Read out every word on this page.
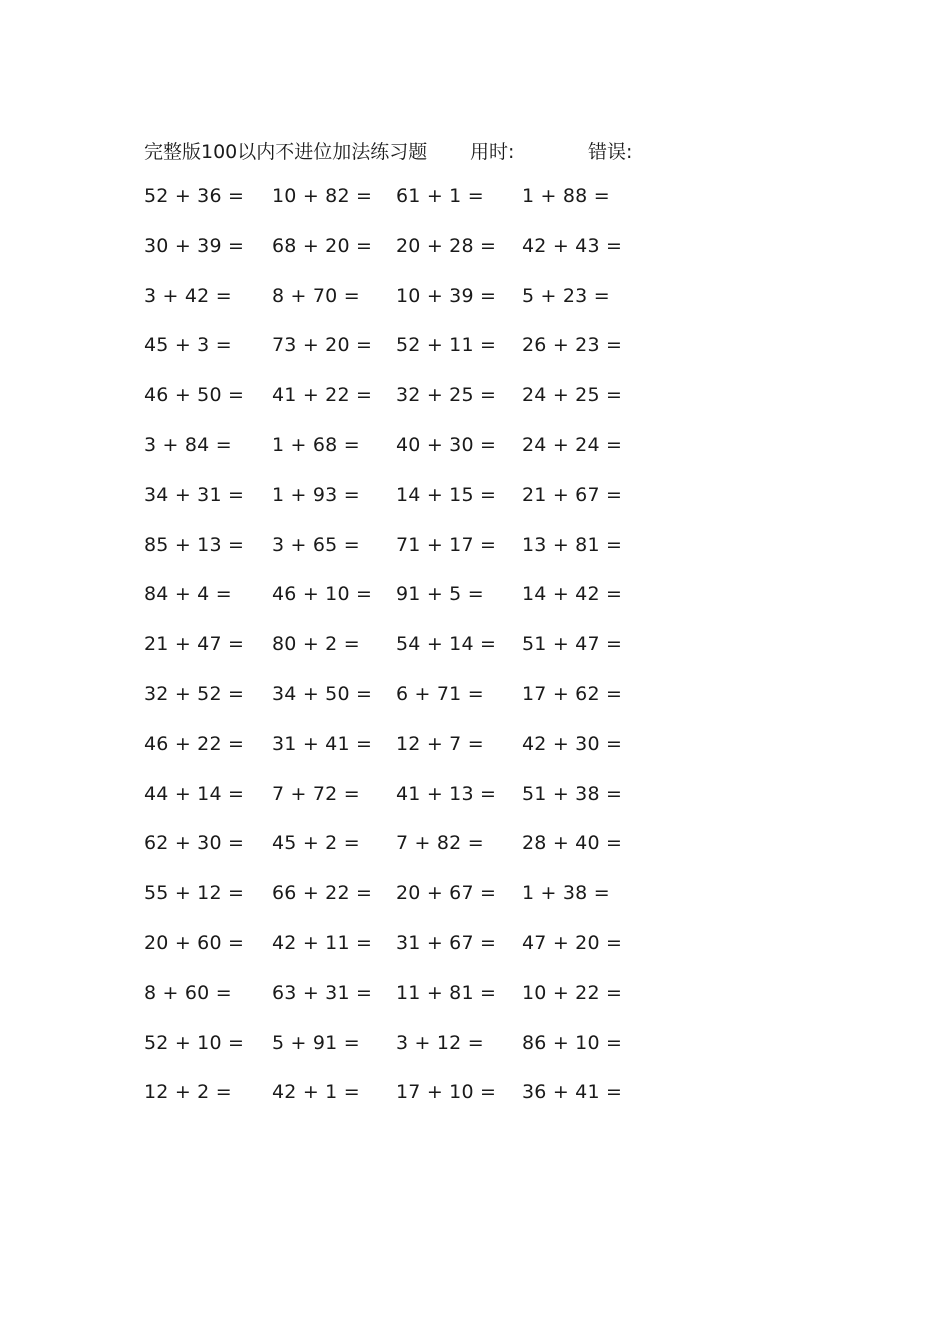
完整版100以内不进位加法练习题 用时:	错误:
52 + 36 = 10 + 82 = 61 + 1 = 1 + 88 =
30 + 39 = 68 + 20 = 20 + 28 = 42 + 43 =
3 + 42 = 8 + 70 = 10 + 39 = 5 + 23 =
45 + 3 = 73 + 20 = 52 + 11 = 26 + 23 =
46 + 50 = 41 + 22 = 32 + 25 = 24 + 25 =
3 + 84 = 1 + 68 = 40 + 30 = 24 + 24 =
34 + 31 = 1 + 93 = 14 + 15 = 21 + 67 =
85 + 13 = 3 + 65 = 71 + 17 = 13 + 81 =
84 + 4 = 46 + 10 = 91 + 5 = 14 + 42 =
21 + 47 = 80 + 2 = 54 + 14 = 51 + 47 =
32 + 52 = 34 + 50 = 6 + 71 = 17 + 62 =
46 + 22 = 31 + 41 = 12 + 7 = 42 + 30 =
44 + 14 = 7 + 72 = 41 + 13 = 51 + 38 =
62 + 30 = 45 + 2 = 7 + 82 = 28 + 40 =
55 + 12 = 66 + 22 = 20 + 67 = 1 + 38 =
20 + 60 = 42 + 11 = 31 + 67 = 47 + 20 =
8 + 60 = 63 + 31 = 11 + 81 = 10 + 22 =
52 + 10 = 5 + 91 = 3 + 12 = 86 + 10 =
12 + 2 = 42 + 1 = 17 + 10 = 36 + 41 =
